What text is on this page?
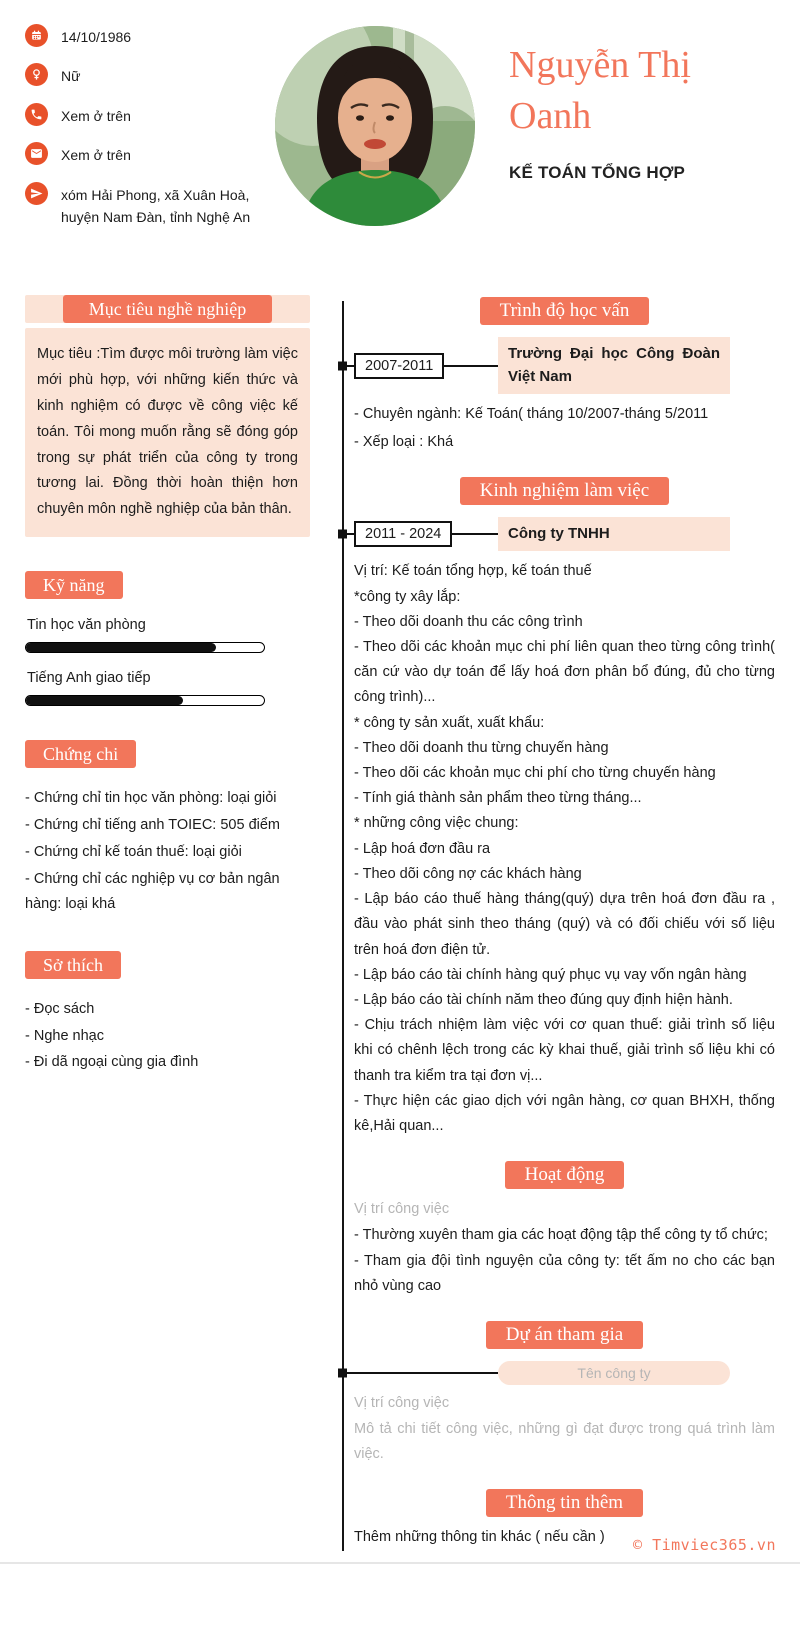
14/10/1986
Nữ
Xem ở trên
Xem ở trên
xóm Hải Phong, xã Xuân Hoà, huyện Nam Đàn, tỉnh Nghệ An
Nguyễn Thị Oanh
KẾ TOÁN TỔNG HỢP
Mục tiêu nghề nghiệp
Mục tiêu :Tìm được môi trường làm việc mới phù hợp, với những kiến thức và kinh nghiệm có được về công việc kế toán. Tôi mong muốn rằng sẽ đóng góp trong sự phát triển của công ty trong tương lai. Đồng thời hoàn thiện hơn chuyên môn nghề nghiệp của bản thân.
Kỹ năng
Tin học văn phòng
Tiếng Anh giao tiếp
Chứng chi
- Chứng chỉ tin học văn phòng: loại giỏi
- Chứng chỉ tiếng anh TOIEC: 505 điểm
- Chứng chỉ kế toán thuế: loại giỏi
- Chứng chỉ các nghiệp vụ cơ bản ngân hàng: loại khá
Sở thích
- Đọc sách
- Nghe nhạc
- Đi dã ngoại cùng gia đình
Trình độ học vấn
2007-2011
Trường Đại học Công Đoàn Việt Nam
- Chuyên ngành: Kế Toán( tháng 10/2007-tháng 5/2011
- Xếp loại : Khá
Kinh nghiệm làm việc
2011 - 2024	Công ty TNHH
Vị trí: Kế toán tổng hợp, kế toán thuế
*công ty xây lắp:
- Theo dõi doanh thu các công trình
- Theo dõi các khoản mục chi phí liên quan theo từng công trình( căn cứ vào dự toán để lấy hoá đơn phân bổ đúng, đủ cho từng công trình)...
* công ty sản xuất, xuất khẩu:
- Theo dõi doanh thu từng chuyến hàng
- Theo dõi các khoản mục chi phí cho từng chuyến hàng
- Tính giá thành sản phẩm theo từng tháng...
* những công việc chung:
- Lập hoá đơn đầu ra
- Theo dõi công nợ các khách hàng
- Lập báo cáo thuế hàng tháng(quý) dựa trên hoá đơn đầu ra , đầu vào phát sinh theo tháng (quý) và có đối chiếu với số liệu trên hoá đơn điện tử.
- Lập báo cáo tài chính hàng quý phục vụ vay vốn ngân hàng
- Lập báo cáo tài chính năm theo đúng quy định hiện hành.
- Chịu trách nhiệm làm việc với cơ quan thuế: giải trình số liệu khi có chênh lệch trong các kỳ khai thuế, giải trình số liệu khi có thanh tra kiểm tra tại đơn vị...
- Thực hiện các giao dịch với ngân hàng, cơ quan BHXH, thống kê,Hải quan...
Hoạt động
Vị trí công việc
- Thường xuyên tham gia các hoạt động tập thể công ty tổ chức;
- Tham gia đội tình nguyện của công ty: tết ấm no cho các bạn nhỏ vùng cao
Dự án tham gia
Tên công ty
Vị trí công việc
Mô tả chi tiết công việc, những gì đạt được trong quá trình làm việc.
Thông tin thêm
Thêm những thông tin khác ( nếu cần )	© Timviec365.vn
